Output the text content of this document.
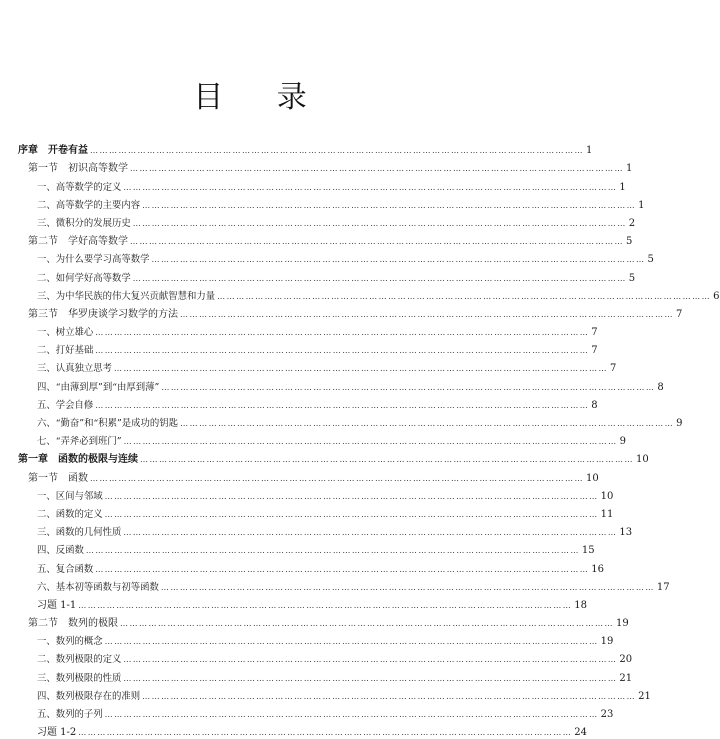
目 录
序章　开卷有益 ………………………………………………………………………………………………………………………………………… 1
第一节　初识高等数学 ………………………………………………………………………………………………………………………………………… 1
一、高等数学的定义 ………………………………………………………………………………………………………………………………………… 1
二、高等数学的主要内容 ………………………………………………………………………………………………………………………………………… 1
三、微积分的发展历史 ………………………………………………………………………………………………………………………………………… 2
第二节　学好高等数学 ………………………………………………………………………………………………………………………………………… 5
一、为什么要学习高等数学 ………………………………………………………………………………………………………………………………………… 5
二、如何学好高等数学 ………………………………………………………………………………………………………………………………………… 5
三、为中华民族的伟大复兴贡献智慧和力量 ………………………………………………………………………………………………………………………………………… 6
第三节　华罗庚谈学习数学的方法 ………………………………………………………………………………………………………………………………………… 7
一、树立雄心 ………………………………………………………………………………………………………………………………………… 7
二、打好基础 ………………………………………………………………………………………………………………………………………… 7
三、认真独立思考 ………………………………………………………………………………………………………………………………………… 7
四、“由薄到厚”到“由厚到薄” ………………………………………………………………………………………………………………………………………… 8
五、学会自修 ………………………………………………………………………………………………………………………………………… 8
六、“勤奋”和“积累”是成功的钥匙 ………………………………………………………………………………………………………………………………………… 9
七、“弄斧必到班门” ………………………………………………………………………………………………………………………………………… 9
第一章　函数的极限与连续 ………………………………………………………………………………………………………………………………………… 10
第一节　函数 ………………………………………………………………………………………………………………………………………… 10
一、区间与邻域 ………………………………………………………………………………………………………………………………………… 10
二、函数的定义 ………………………………………………………………………………………………………………………………………… 11
三、函数的几何性质 ………………………………………………………………………………………………………………………………………… 13
四、反函数 ………………………………………………………………………………………………………………………………………… 15
五、复合函数 ………………………………………………………………………………………………………………………………………… 16
六、基本初等函数与初等函数 ………………………………………………………………………………………………………………………………………… 17
习题 1-1 ………………………………………………………………………………………………………………………………………… 18
第二节　数列的极限 ………………………………………………………………………………………………………………………………………… 19
一、数列的概念 ………………………………………………………………………………………………………………………………………… 19
二、数列极限的定义 ………………………………………………………………………………………………………………………………………… 20
三、数列极限的性质 ………………………………………………………………………………………………………………………………………… 21
四、数列极限存在的准则 ………………………………………………………………………………………………………………………………………… 21
五、数列的子列 ………………………………………………………………………………………………………………………………………… 23
习题 1-2 ………………………………………………………………………………………………………………………………………… 24
